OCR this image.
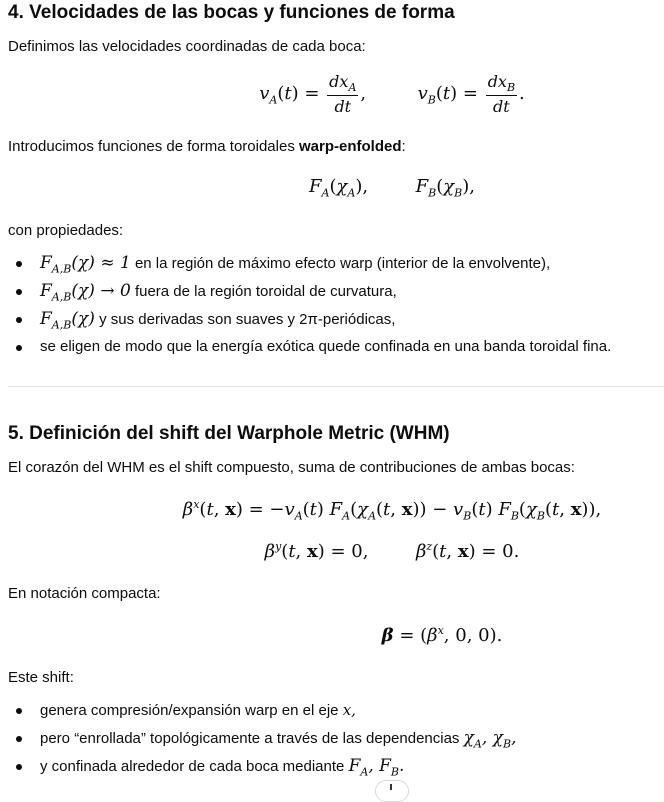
4. Velocidades de las bocas y funciones de forma

Definimos las velocidades coordinadas de cada boca:

$v_A(t) = \frac{dx_A}{dt}$ ,	$v_B(t) = \frac{dx_B}{dt}$ .

Introducimos funciones de forma toroidales warp-enfolded:

$F_A(\chi_A)$,	$F_B(\chi_B)$,

con propiedades:

$F_{A,B}(\chi) \approx 1$ en la región de máximo efecto warp (interior de la envolvente),
$F_{A,B}(\chi) \to 0$ fuera de la región toroidal de curvatura,
$F_{A,B}(\chi)$ y sus derivadas son suaves y 2π-periódicas,
se eligen de modo que la energía exótica quede confinada en una banda toroidal fina.
5. Definición del shift del Warphole Metric (WHM)

El corazón del WHM es el shift compuesto, suma de contribuciones de ambas bocas:

$\beta^x(t$, $x) = -v_A(t)$ $F_A(\chi_A(t$, $x)) - v_B(t)$ $F_B(\chi_B(t$, x)),
$\beta^y(t$, x) = 0,	$\beta^z(t$, x) = 0.

En notación compacta:

$\beta = (\beta^x$, 0, 0).

Este shift:

genera compresión/expansión warp en el eje x,
pero “enrollada” topológicamente a través de las dependencias $\chi_A$, $\chi_B$,
y confinada alrededor de cada boca mediante $F_A$, $F_B$.
